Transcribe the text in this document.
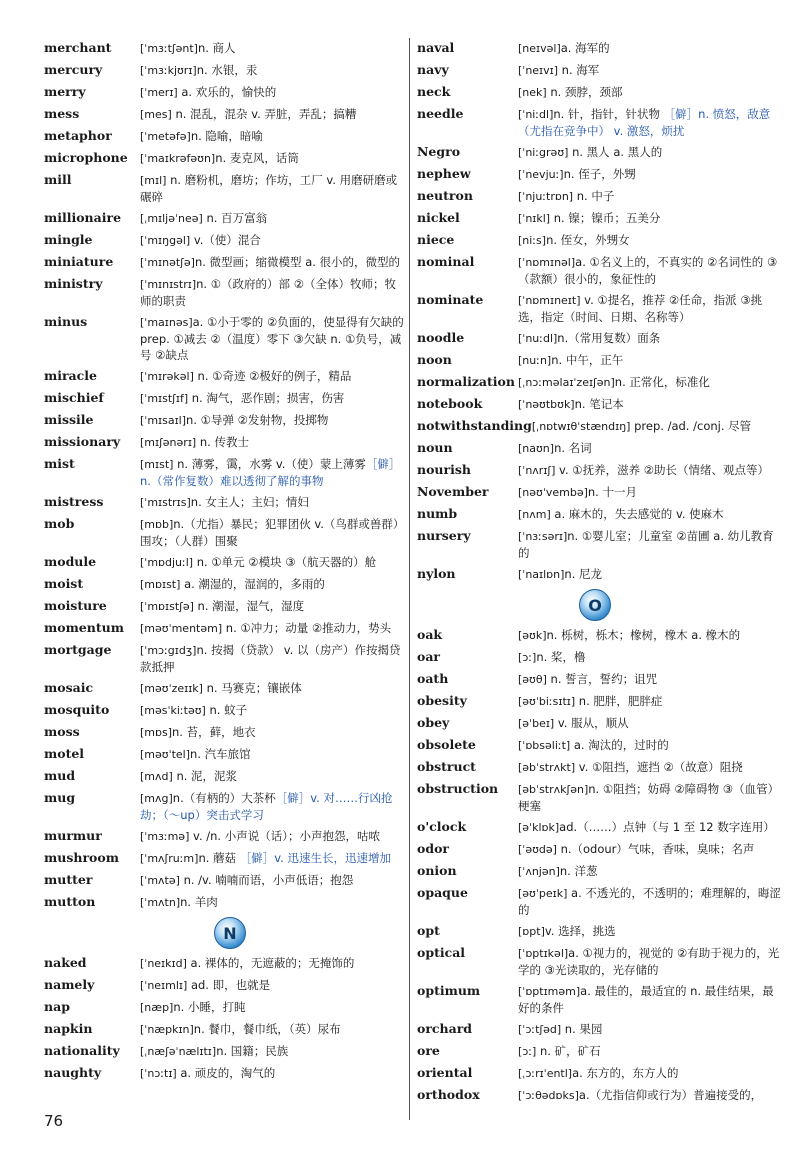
merchant	[ˈmɜːtʃənt]n. 商人
mercury	[ˈmɜːkjʊrɪ]n. 水银，汞
merry	[ˈmerɪ] a. 欢乐的，愉快的
mess	[mes] n. 混乱，混杂 v. 弄脏，弄乱；搞糟
metaphor	[ˈmetəfə]n. 隐喻，暗喻
microphone	[ˈmaɪkrəfəʊn]n. 麦克风，话筒
mill	[mɪl] n. 磨粉机，磨坊；作坊，工厂 v. 用磨研磨或碾碎
millionaire	[ˌmɪljəˈneə] n. 百万富翁
mingle	[ˈmɪŋgəl] v.（使）混合
miniature	[ˈmɪnətʃə]n. 微型画；缩微模型 a. 很小的，微型的
ministry	[ˈmɪnɪstrɪ]n. ①（政府的）部 ②（全体）牧师；牧师的职责
minus	[ˈmaɪnəs]a. ①小于零的 ②负面的，使显得有欠缺的 prep. ①减去 ②（温度）零下 ③欠缺 n. ①负号，减号 ②缺点
miracle	[ˈmɪrəkəl] n. ①奇迹 ②极好的例子，精品
mischief	[ˈmɪstʃɪf] n. 淘气，恶作剧；损害，伤害
missile	[ˈmɪsaɪl]n. ①导弹 ②发射物，投掷物
missionary	[mɪʃənərɪ] n. 传教士
mist	[mɪst] n. 薄雾，霭，水雾 v.（使）蒙上薄雾［僻］n.（常作复数）难以透彻了解的事物
mistress	[ˈmɪstrɪs]n. 女主人；主妇；情妇
mob	[mɒb]n.（尤指）暴民；犯罪团伙 v.（鸟群或兽群）围攻；（人群）围聚
module	[ˈmɒdjuːl] n. ①单元 ②模块 ③（航天器的）舱
moist	[mɒɪst] a. 潮湿的，湿润的，多雨的
moisture	[ˈmɒɪstʃə] n. 潮湿，湿气，湿度
momentum	[məʊˈmentəm] n. ①冲力；动量 ②推动力，势头
mortgage	[ˈmɔːgɪdʒ]n. 按揭（贷款） v. 以（房产）作按揭贷款抵押
mosaic	[məʊˈzeɪɪk] n. 马赛克；镶嵌体
mosquito	[məsˈkiːtəʊ] n. 蚊子
moss	[mɒs]n. 苔，藓，地衣
motel	[məʊˈtel]n. 汽车旅馆
mud	[mʌd] n. 泥，泥浆
mug	[mʌg]n.（有柄的）大茶杯［僻］v. 对……行凶抢劫；（～up）突击式学习
murmur	[ˈmɜːmə] v. /n. 小声说（话）；小声抱怨，咕哝
mushroom	[ˈmʌʃruːm]n. 蘑菇 ［僻］v. 迅速生长，迅速增加
mutter	[ˈmʌtə] n. /v. 喃喃而语，小声低语；抱怨
mutton	[ˈmʌtn]n. 羊肉
N
naked	[ˈneɪkɪd] a. 裸体的，无遮蔽的；无掩饰的
namely	[ˈneɪmlɪ] ad. 即，也就是
nap	[næp]n. 小睡，打盹
napkin	[ˈnæpkɪn]n. 餐巾，餐巾纸，（英）尿布
nationality	[ˌnæʃəˈnælɪtɪ]n. 国籍；民族
naughty	[ˈnɔːtɪ] a. 顽皮的，淘气的
naval	[neɪvəl]a. 海军的
navy	[ˈneɪvɪ] n. 海军
neck	[nek] n. 颈脖，颈部
needle	[ˈniːdl]n. 针，指针，针状物 ［僻］n. 愤怒，敌意（尤指在竞争中） v. 激怒，烦扰
Negro	[ˈniːgrəʊ] n. 黑人 a. 黑人的
nephew	[ˈnevjuː]n. 侄子，外甥
neutron	[ˈnjuːtrɒn] n. 中子
nickel	[ˈnɪkl] n. 镍；镍币；五美分
niece	[niːs]n. 侄女，外甥女
nominal	[ˈnɒmɪnəl]a. ①名义上的，不真实的 ②名词性的 ③（款额）很小的，象征性的
nominate	[ˈnɒmɪneɪt] v. ①提名，推荐 ②任命，指派 ③挑选，指定（时间、日期、名称等）
noodle	[ˈnuːdl]n.（常用复数）面条
noon	[nuːn]n. 中午，正午
normalization [ˌnɔːməlaɪˈzeɪʃən]n. 正常化，标准化
notebook	[ˈnəʊtbʊk]n. 笔记本
notwithstanding [ˌnɒtwɪθˈstændɪŋ] prep. /ad. /conj. 尽管
noun	[naʊn]n. 名词
nourish	[ˈnʌrɪʃ] v. ①抚养，滋养 ②助长（情绪、观点等）
November	[nəʊˈvembə]n. 十一月
numb	[nʌm] a. 麻木的，失去感觉的 v. 使麻木
nursery	[ˈnɜːsərɪ]n. ①婴儿室；儿童室 ②苗圃 a. 幼儿教育的
nylon	[ˈnaɪlɒn]n. 尼龙
O
oak	[əʊk]n. 栎树，栎木；橡树，橡木 a. 橡木的
oar	[ɔː]n. 桨，橹
oath	[əʊθ] n. 誓言，誓约；诅咒
obesity	[əʊˈbiːsɪtɪ] n. 肥胖，肥胖症
obey	[əˈbeɪ] v. 服从，顺从
obsolete	[ˈɒbsəliːt] a. 淘汰的，过时的
obstruct	[əbˈstrʌkt] v. ①阻挡，遮挡 ②（故意）阻挠
obstruction	[əbˈstrʌkʃən]n. ①阻挡；妨碍 ②障碍物 ③（血管）梗塞
o'clock	[əˈklɒk]ad.（……）点钟（与 1 至 12 数字连用）
odor	[ˈəʊdə] n.（odour）气味，香味，臭味；名声
onion	[ˈʌnjən]n. 洋葱
opaque	[əʊˈpeɪk] a. 不透光的，不透明的；难理解的，晦涩的
opt	[ɒpt]v. 选择，挑选
optical	[ˈɒptɪkəl]a. ①视力的，视觉的 ②有助于视力的，光学的 ③光读取的，光存储的
optimum	[ˈɒptɪməm]a. 最佳的，最适宜的 n. 最佳结果，最好的条件
orchard	[ˈɔːtʃəd] n. 果园
ore	[ɔː] n. 矿，矿石
oriental	[ˌɔːrɪˈentl]a. 东方的，东方人的
orthodox	[ˈɔːθədɒks]a.（尤指信仰或行为）普遍接受的，
76
